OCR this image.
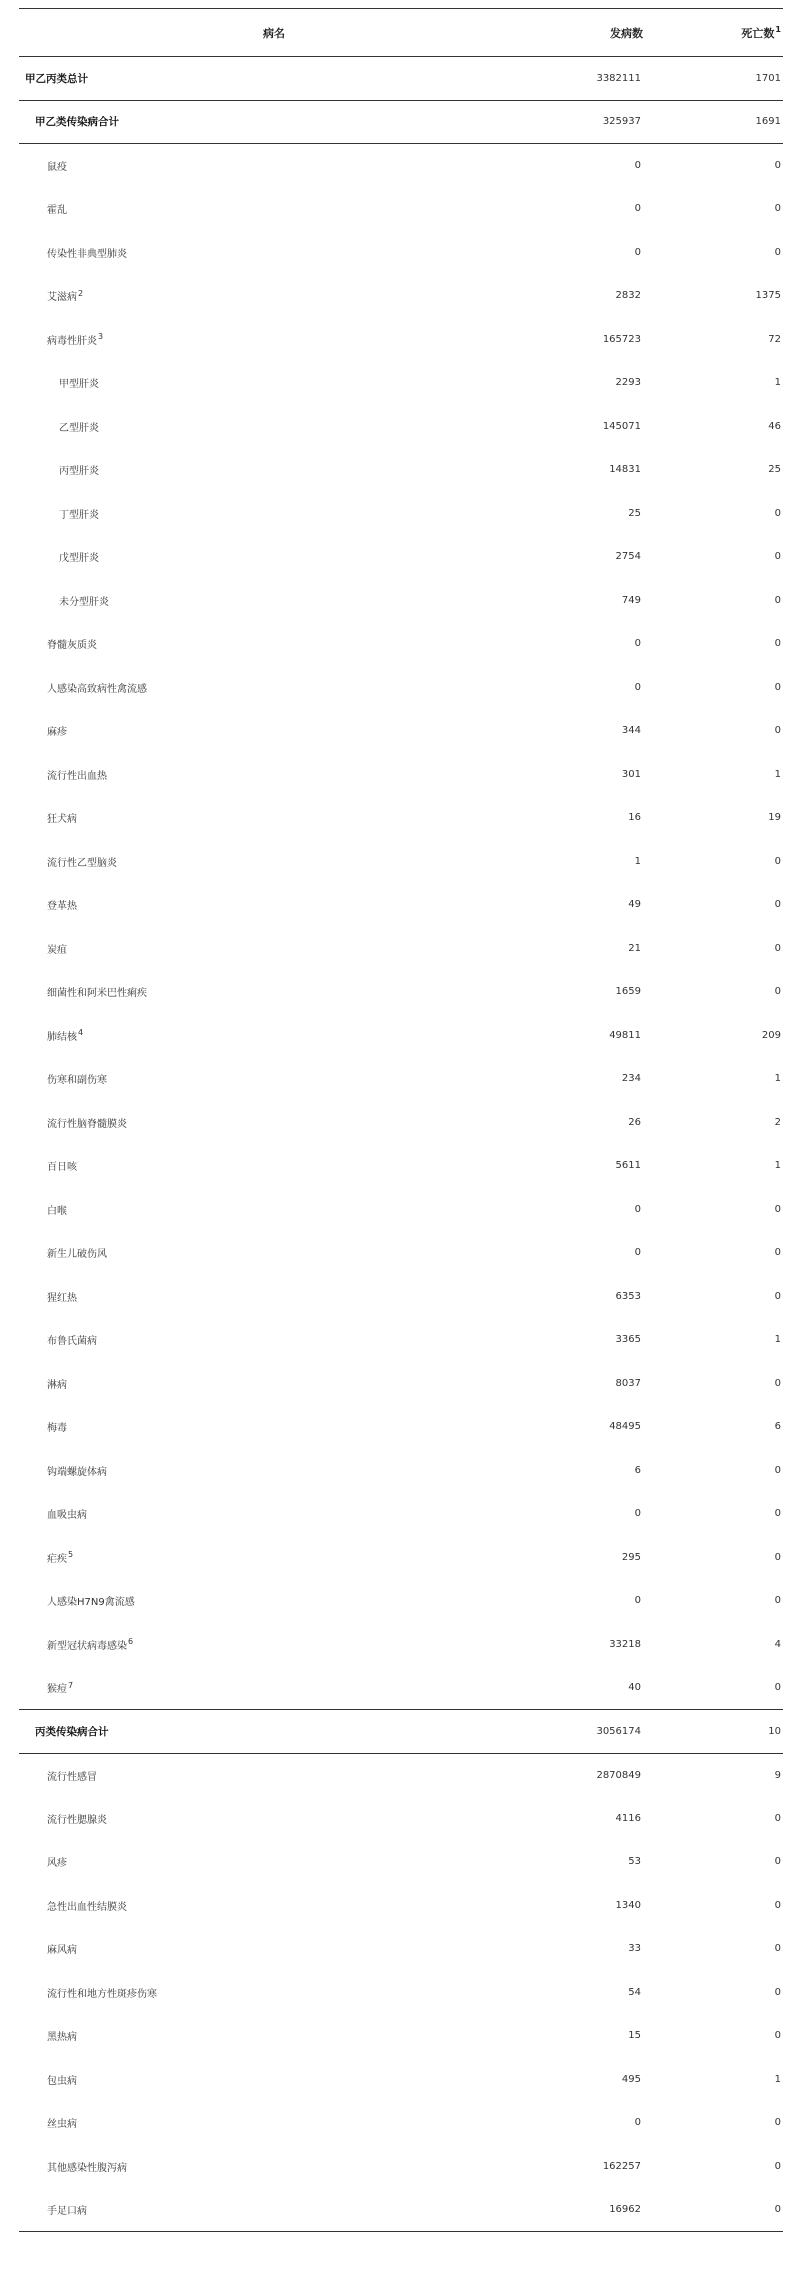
病名	发病数	死亡数$^1$
甲乙丙类总计	3382111	1701
甲乙类传染病合计	325937	1691
鼠疫	0	0
霍乱	0	0
传染性非典型肺炎	0	0
艾滋病$^2$	2832	1375
病毒性肝炎$^3$	165723	72
甲型肝炎	2293	1
乙型肝炎	145071	46
丙型肝炎	14831	25
丁型肝炎	25	0
戊型肝炎	2754	0
未分型肝炎	749	0
脊髓灰质炎	0	0
人感染高致病性禽流感	0	0
麻疹	344	0
流行性出血热	301	1
狂犬病	16	19
流行性乙型脑炎	1	0
登革热	49	0
炭疽	21	0
细菌性和阿米巴性痢疾	1659	0
肺结核$^4$	49811	209
伤寒和副伤寒	234	1
流行性脑脊髓膜炎	26	2
百日咳	5611	1
白喉	0	0
新生儿破伤风	0	0
猩红热	6353	0
布鲁氏菌病	3365	1
淋病	8037	0
梅毒	48495	6
钩端螺旋体病	6	0
血吸虫病	0	0
疟疾$^5$	295	0
人感染H7N9禽流感	0	0
新型冠状病毒感染$^6$	33218	4
猴痘$^7$	40	0
丙类传染病合计	3056174	10
流行性感冒	2870849	9
流行性腮腺炎	4116	0
风疹	53	0
急性出血性结膜炎	1340	0
麻风病	33	0
流行性和地方性斑疹伤寒	54	0
黑热病	15	0
包虫病	495	1
丝虫病	0	0
其他感染性腹泻病	162257	0
手足口病	16962	0
